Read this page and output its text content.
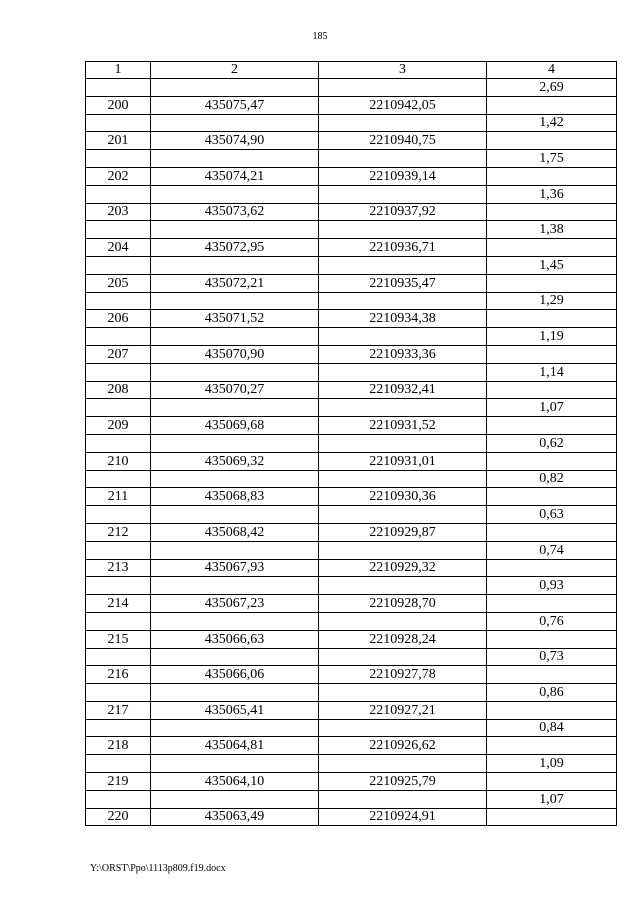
185
1	2	3	4
			2,69
200	435075,47	2210942,05	
			1,42
201	435074,90	2210940,75	
			1,75
202	435074,21	2210939,14	
			1,36
203	435073,62	2210937,92	
			1,38
204	435072,95	2210936,71	
			1,45
205	435072,21	2210935,47	
			1,29
206	435071,52	2210934,38	
			1,19
207	435070,90	2210933,36	
			1,14
208	435070,27	2210932,41	
			1,07
209	435069,68	2210931,52	
			0,62
210	435069,32	2210931,01	
			0,82
211	435068,83	2210930,36	
			0,63
212	435068,42	2210929,87	
			0,74
213	435067,93	2210929,32	
			0,93
214	435067,23	2210928,70	
			0,76
215	435066,63	2210928,24	
			0,73
216	435066,06	2210927,78	
			0,86
217	435065,41	2210927,21	
			0,84
218	435064,81	2210926,62	
			1,09
219	435064,10	2210925,79	
			1,07
220	435063,49	2210924,91	
Y:\ORST\Ppo\1113p809.f19.docx
